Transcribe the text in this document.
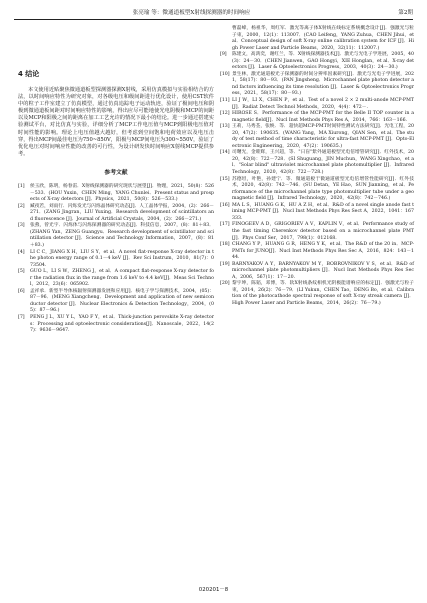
张亮瑜 等：微通道板型X射线探测器的时间响应	第2期
4 结论

本文使用近贴聚焦微通道板型探测器探测X射线，采用仿真模拟与实验相结合的方法，以时间响应特性为研究对象，对各级电压和级间距进行优化设计，使用CST软件中的粒子工作室建立了仿真模型，通过仿真追踪电子运动轨迹，验证了极间电压和阴极到微通道板间距对时间响应特性的影响，得出应尽可能地使光电阴极和MCP的间距以及MCP和阳极之间的距离在加工工艺允许的情况下最小的结论。进一步通过搭建实验测试平台，对比仿真与实验，详细分析了MCP工作电压值与MCP到阳极电压值对时间性能的影响。理论上电压值越大越好，但考虑到空间饱和电荷效应以及电压击穿，得出MCP间最佳电压为750~850V，阳极与MCP间电压为300~550V，验证了优化电压对时间响应性能的改善的可行性，为设计研发快时间响应X射线MCP提供参考。

参考文献
[1]	侯玉欣，陈明，杨春雷．X射线探测器的研究现状与展望[J]．物理，2021，50(8)：526－533．(HOU Yuxin，CHEN Ming，YANG Chunlei．Present status and prospects of X-ray detectors [J]．Physics，2021，50(8)：526－533.)
[2]	臧夜若，刘雨行．闪烁发光与闪烁晶体研究动态[J]．人工晶体学报，2004，(2)：266－271．(ZANG Jingran，LIU Yuxing．Research development of scintillators and fluorescence [J]．Journal of Artificial Crystals，2004，(2)：266－271.)
[3]	张燕，曾光宇．闪烁体与闪烁探测器的研究动态[J]．科技信息，2007，(8)：81＋83．(ZHANG Yan，ZENG Guangyu．Research development of scintillator and scintillation detector [J]．Science and Technology Information，2007，(8)：81＋83.)
[4]	LI C C，JIANG X H，LIU S Y，et al．A novel flat-response X-ray detector in the photon energy range of 0.1－4 keV [J]．Rev Sci Instrum，2010，81(7)：073504.
[5]	GUO L，LI S W，ZHENG J，et al．A compact flat-response X-ray detector for the radiation flux in the range from 1.6 keV to 4.4 keV[J]．Meas Sci Technol，2012，23(6)：065902.
[6]	孟祥承．新型半导体核辐射探测器发展和应用[J]．核电子学与探测技术，2004，(05)：87－96．(MENG Xiangcheng．Development and application of new semiconductor detector [J]．Nuclear Electronics & Detection Technology，2004，(05)：87－96.)
[7]	PENG J L，XU Y L，YAO F Y，et al．Thick-junction perovskite X-ray detectors：Processing and optoelectronic considerations[J]．Nanoscale，2022，14(27)：9636－9647.
曹磊峰，杨祖华，周红军．激光等离子体X射线在线标定系统概念设计[J]．强激光与粒子束，2000，12(1)：113007．(CAO Leifeng，YANG Zuhua，CHEN Jihui，et al．Conceptual design of soft X-ray online calibration system for ICF [J]．High Power Laser and Particle Beams，2020，32(11)：112007.)
[9]	陈建文，高鸿奕，谢红兰，等．X射线探测器技术[J]．激光与光电子学进展，2005，40(3)：24－30．(CHEN Jianwen，GAO Hongyi，XIE Honglan，et al．X-ray detectors [J]．Laser & Optoelectronics Progress，2003，40(3)：24－30.)
[10] 景生林，激光通道板光子探测器的时间分辨率因素研究[J]．激光与光电子学进展，2021，58(17)：80－93．(PAN Jingsheng．Microchannel plate photon detector and factors influencing its time resolution [J]．Laser & Optoelectronics Progress，2021，58(17)：80－93.)
[11] LI J W，LI X，CHEN P，et al．Test of a novel 2 × 2 multi-anode MCP-PMT [J]．Radiat Detect Technol Methods，2020，4(4)：472－.
[12] HIROSE S．Performance of the MCP-PMT for the Belle II TOP counter in a magnetic field[J]．Nucl Inst Methods Phys Res A，2014，766：163－166.
[13] 王莉，马秀荃，张焕．等．超快超MCP-PMT时间特性测试方法研究[J]．光电工程，2020，47(2)：190635．(WANG Yang，MA Xiurong，QIAN Sen，et al．The study of test method of time characteristic for ultra-fast MCP-PMT [J]．Opto-Electronic Engineering，2020，47(2)：190635.)
[14] 司曙光，金睦辉，王兴超，等．"日盲"紫外通道板型光电倍增管研究[J]．红外技术，2020，42(8)：722－728．(SI Shuguang，JIN Muchun，WANG Xingchao，et al．"Solar blind" ultraviolet microchannel plate photomultiplier [J]．Infrared Technology，2020，42(8)：722－728.)
[15] 苏德坦，叶艳，孙建宁．等．微通道板于微通道板型光电倍增管性能研究[J]．红外技术，2020，42(8)：742－746．(SU Detan，YE Hao，SUN Jianning，et al．Performance of the microchannel plate type photomultiplier tube under a geomagnetic field [J]．Infrared Technology，2020，42(8)：742－746.)
[16] MA L S，HUANG G K，HU A Z H，et al．R&D of a novel single anode fast timing MCP-PMT [J]．Nucl Inst Methods Phys Res Sect A，2022，1041：167333.
[17] FINOGEEV A D，GRIGORIEV A V，KAPLIN V，et al．Performance study of the fast timing Cherenkov detector based on a microchannel plate PMT [J]．Phys Conf Ser，2017，798(1)：012168.
[18] CHANG Y P，HUANG G R，HENG Y K，et al．The R&D of the 20 in．MCP-PMTs for JUNO[J]．Nucl Inst Methods Phys Res Sec A，2016，824：143－144.
[19] BARNYAKOV A Y，BARNYAKOV M Y，BOBROVNIKOV V S，et al．R&D of microchannel plate photomultipliers [J]．Nucl Inst Methods Phys Res Sec A，2006，567(1)：17－20.
[20] 黎宇坤，陈韬，邓博，等．软X射线条纹相机光阴极能谱响应的标定[J]．强激光与粒子束，2014，26(2)：76－79．(LI Yukun，CHEN Tao，DENG Bo，et al．Calibration of the photocathode spectral response of soft X-ray streak camera [J]．High Power Laser and Particle Beams，2014，26(2)：76－79.)
020201－8
